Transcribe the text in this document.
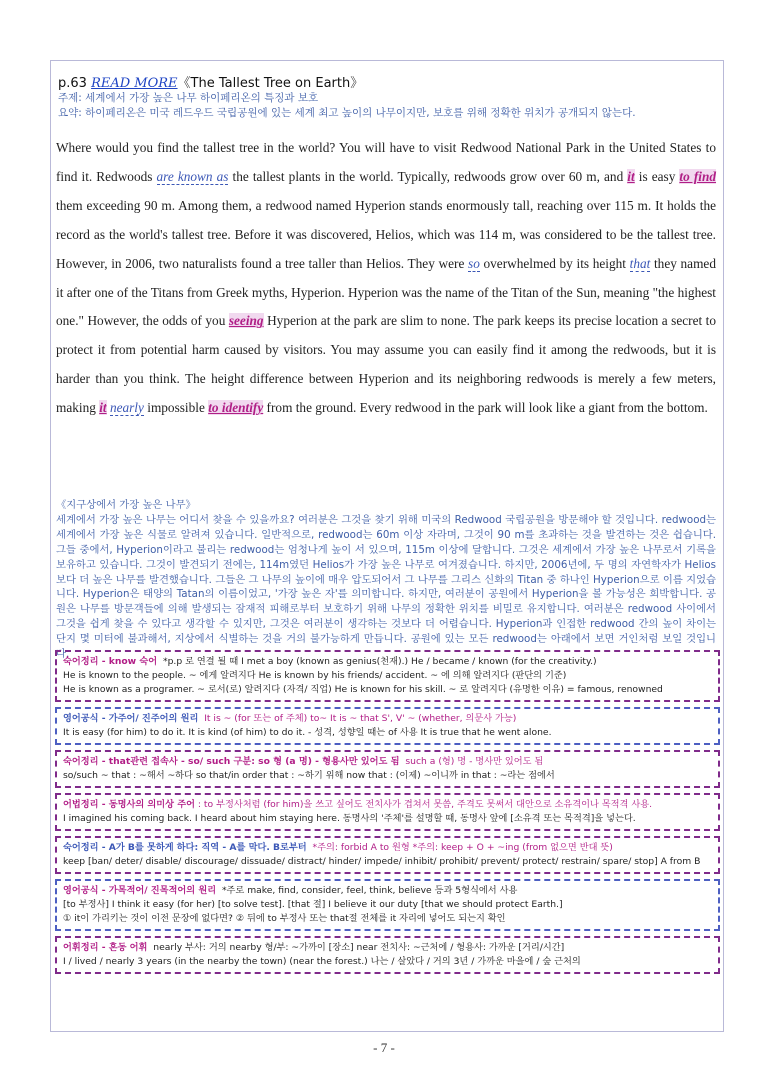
p.63 READ MORE《The Tallest Tree on Earth》
주제: 세계에서 가장 높은 나무 하이페리온의 특징과 보호
요약: 하이페리온은 미국 레드우드 국립공원에 있는 세계 최고 높이의 나무이지만, 보호를 위해 정확한 위치가 공개되지 않는다.
Where would you find the tallest tree in the world? You will have to visit Redwood National Park in the United States to find it. Redwoods are known as the tallest plants in the world. Typically, redwoods grow over 60 m, and it is easy to find them exceeding 90 m. Among them, a redwood named Hyperion stands enormously tall, reaching over 115 m. It holds the record as the world's tallest tree. Before it was discovered, Helios, which was 114 m, was considered to be the tallest tree. However, in 2006, two naturalists found a tree taller than Helios. They were so overwhelmed by its height that they named it after one of the Titans from Greek myths, Hyperion. Hyperion was the name of the Titan of the Sun, meaning "the highest one." However, the odds of you seeing Hyperion at the park are slim to none. The park keeps its precise location a secret to protect it from potential harm caused by visitors. You may assume you can easily find it among the redwoods, but it is harder than you think. The height difference between Hyperion and its neighboring redwoods is merely a few meters, making it nearly impossible to identify from the ground. Every redwood in the park will look like a giant from the bottom.
《지구상에서 가장 높은 나무》
세계에서 가장 높은 나무는 어디서 찾을 수 있을까요? 여러분은 그것을 찾기 위해 미국의 Redwood 국립공원을 방문해야 할 것입니다. redwood는 세계에서 가장 높은 식물로 알려져 있습니다. 일반적으로, redwood는 60m 이상 자라며, 그것이 90 m를 초과하는 것을 발견하는 것은 쉽습니다. 그들 중에서, Hyperion이라고 불리는 redwood는 엄청나게 높이 서 있으며, 115m 이상에 달합니다. 그것은 세계에서 가장 높은 나무로서 기록을 보유하고 있습니다. 그것이 발견되기 전에는, 114m였던 Helios가 가장 높은 나무로 여겨졌습니다. 하지만, 2006년에, 두 명의 자연학자가 Helios보다 더 높은 나무를 발견했습니다. 그들은 그 나무의 높이에 매우 압도되어서 그 나무를 그리스 신화의 Titan 중 하나인 Hyperion으로 이름 지었습니다. Hyperion은 태양의 Tatan의 이름이었고, '가장 높은 자'를 의미합니다. 하지만, 여러분이 공원에서 Hyperion을 볼 가능성은 희박합니다. 공원은 나무를 방문객들에 의해 발생되는 잠재적 피해로부터 보호하기 위해 나무의 정확한 위치를 비밀로 유지합니다. 여러분은 redwood 사이에서 그것을 쉽게 찾을 수 있다고 생각할 수 있지만, 그것은 여러분이 생각하는 것보다 더 어렵습니다. Hyperion과 인접한 redwood 간의 높이 차이는 단지 몇 미터에 불과해서, 지상에서 식별하는 것을 거의 불가능하게 만듭니다. 공원에 있는 모든 redwood는 아래에서 보면 거인처럼 보일 것입니다.
숙어정리 - know 숙어 *p.p 로 연결 될 때 I met a boy (known as genius(천재).) He / became / known (for the creativity.)
He is known to the people. ~ 에게 알려지다 He is known by his friends/ accident. ~ 에 의해 알려지다 (판단의 기준)
He is known as a programer. ~ 로서(로) 알려지다 (자격/ 직업) He is known for his skill. ~ 로 알려지다 (유명한 이유) = famous, renowned
영어공식 - 가주어/ 진주어의 원리 It is ~ (for 또는 of 주체) to~ It is ~ that S', V' ~ (whether, 의문사 가능)
It is easy (for him) to do it. It is kind (of him) to do it. - 성격, 성향일 때는 of 사용 It is true that he went alone.
숙어정리 - that관련 접속사 - so/ such 구분: so 형 (a 명) - 형용사만 있어도 됨 such a (형) 명 - 명사만 있어도 됨
so/such ~ that : ~해서 ~하다 so that/in order that : ~하기 위해 now that : (이제) ~이니까 in that : ~라는 점에서
어법정리 - 동명사의 의미상 주어 : to 부정사처럼 (for him)을 쓰고 싶어도 전치사가 겹쳐서 못씀, 주격도 못써서 대안으로 소유격이나 목적격 사용.
I imagined his coming back. I heard about him staying here. 동명사의 '주체'를 설명할 때, 동명사 앞에 [소유격 또는 목적격]을 넣는다.
숙어정리 - A가 B를 못하게 하다: 직역 - A를 막다. B로부터 *주의: forbid A to 원형 *주의: keep + O + ~ing (from 없으면 반대 뜻)
keep [ban/ deter/ disable/ discourage/ dissuade/ distract/ hinder/ impede/ inhibit/ prohibit/ prevent/ protect/ restrain/ spare/ stop] A from B
영어공식 - 가목적어/ 진목적어의 원리 *주로 make, find, consider, feel, think, believe 등과 5형식에서 사용
[to 부정사] I think it easy (for her) [to solve test]. [that 절] I believe it our duty [that we should protect Earth.]
① it이 가리키는 것이 이전 문장에 없다면? ② 뒤에 to 부정사 또는 that절 전체를 it 자리에 넣어도 되는지 확인
어휘정리 - 혼동 어휘 nearly 부사: 거의 nearby 형/부: ~가까이 [장소] near 전치사: ~근처에 / 형용사: 가까운 [거리/시간]
I / lived / nearly 3 years (in the nearby the town) (near the forest.) 나는 / 살았다 / 거의 3년 / 가까운 마을에 / 숲 근처의
- 7 -
